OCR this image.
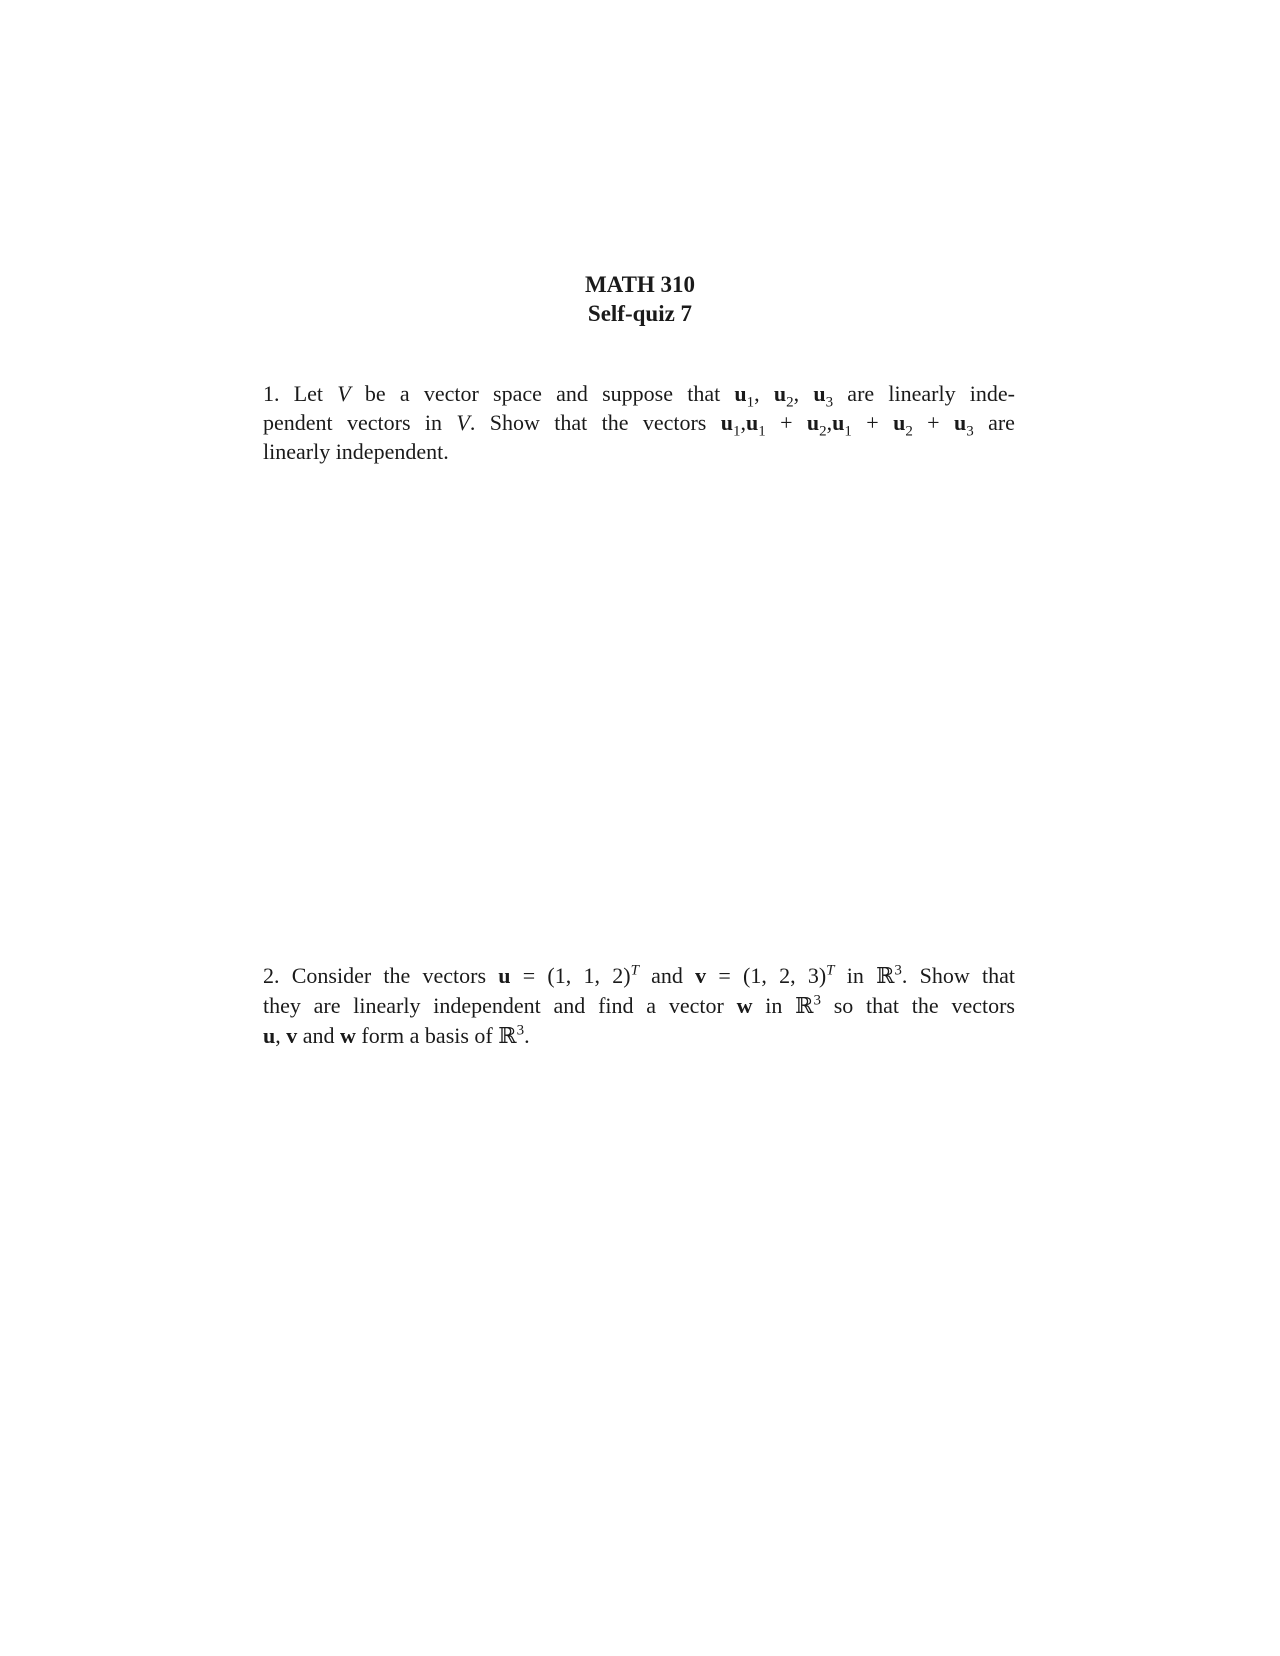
MATH 310
Self-quiz 7
1. Let V be a vector space and suppose that $u_1$, $u_2$, $u_3$ are linearly inde-
pendent vectors in V. Show that the vectors $u_1,u_1 + u_2,u_1 + u_2 + u_3$ are
linearly independent.
2. Consider the vectors u = (1, 1, 2)$^T$ and v = (1, 2, 3)$^T$ in ℝ$^3$. Show that
they are linearly independent and find a vector w in ℝ$^3$ so that the vectors
u, v and w form a basis of ℝ$^3$.
